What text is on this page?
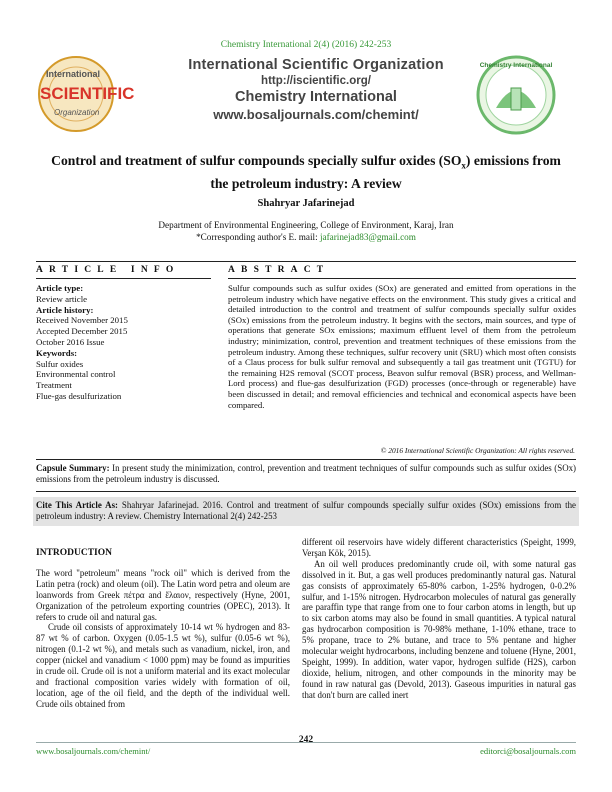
Chemistry International 2(4) (2016) 242-253
International
SCIENTIFIC
Organization
International Scientific Organization
http://iscientific.org/
Chemistry International
www.bosaljournals.com/chemint/
Chemistry International
Control and treatment of sulfur compounds specially sulfur oxides $(SO_x)$ emissions from
the petroleum industry: A review
Shahryar Jafarinejad
Department of Environmental Engineering, College of Environment, Karaj, Iran
*Corresponding author's E. mail: jafarinejad83@gmail.com
ARTICLE INFO	ABSTRACT
Article type:
Review article
Article history:
Received November 2015
Accepted December 2015
October 2016 Issue
Keywords:
Sulfur oxides
Environmental control
Treatment
Flue-gas desulfurization
Sulfur compounds such as sulfur oxides (SOx) are generated and emitted from operations in the petroleum industry which have negative effects on the environment. This study gives a critical and detailed introduction to the control and treatment of sulfur compounds specially sulfur oxides (SOx) emissions from the petroleum industry. It begins with the sectors, main sources, and type of operations that generate SOx emissions; maximum effluent level of them from the petroleum industry; minimization, control, prevention and treatment techniques of these emissions from the petroleum industry. Among these techniques, sulfur recovery unit (SRU) which most often consists of a Claus process for bulk sulfur removal and subsequently a tail gas treatment unit (TGTU) for the remaining H2S removal (SCOT process, Beavon sulfur removal (BSR) process, and Wellman-Lord process) and flue-gas desulfurization (FGD) processes (once-through or regenerable) have been discussed in detail; and removal efficiencies and technical and economical aspects have been compared.
© 2016 International Scientific Organization: All rights reserved.
Capsule Summary: In present study the minimization, control, prevention and treatment techniques of sulfur compounds such as sulfur oxides (SOx) emissions from the petroleum industry is discussed.
Cite This Article As: Shahryar Jafarinejad. 2016. Control and treatment of sulfur compounds specially sulfur oxides (SOx) emissions from the petroleum industry: A review. Chemistry International 2(4) 242-253

INTRODUCTION

The word "petroleum" means "rock oil" which is derived from the Latin petra (rock) and oleum (oil). The Latin word petra and oleum are loanwords from Greek πέτρα and ἔλαιον, respectively (Hyne, 2001, Organization of the petroleum exporting countries (OPEC), 2013). It refers to crude oil and natural gas.

Crude oil consists of approximately 10-14 wt % hydrogen and 83-87 wt % of carbon. Oxygen (0.05-1.5 wt %), sulfur (0.05-6 wt %), nitrogen (0.1-2 wt %), and metals such as vanadium, nickel, iron, and copper (nickel and vanadium < 1000 ppm) may be found as impurities in crude oil. Crude oil is not a uniform material and its exact molecular and fractional composition varies widely with formation of oil, location, age of the oil field, and the depth of the individual well. Crude oils obtained from

different oil reservoirs have widely different characteristics (Speight, 1999, Verşan Kök, 2015).

An oil well produces predominantly crude oil, with some natural gas dissolved in it. But, a gas well produces predominantly natural gas. Natural gas consists of approximately 65-80% carbon, 1-25% hydrogen, 0-0.2% sulfur, and 1-15% nitrogen. Hydrocarbon molecules of natural gas generally are paraffin type that range from one to four carbon atoms in length, but up to six carbon atoms may also be found in small quantities. A typical natural gas hydrocarbon composition is 70-98% methane, 1-10% ethane, trace to 5% propane, trace to 2% butane, and trace to 5% pentane and higher molecular weight hydrocarbons, including benzene and toluene (Hyne, 2001, Speight, 1999). In addition, water vapor, hydrogen sulfide (H2S), carbon dioxide, helium, nitrogen, and other compounds in the minority may be found in raw natural gas (Devold, 2013). Gaseous impurities in natural gas that don't burn are called inert

242
www.bosaljournals.com/chemint/	editorci@bosaljournals.com
